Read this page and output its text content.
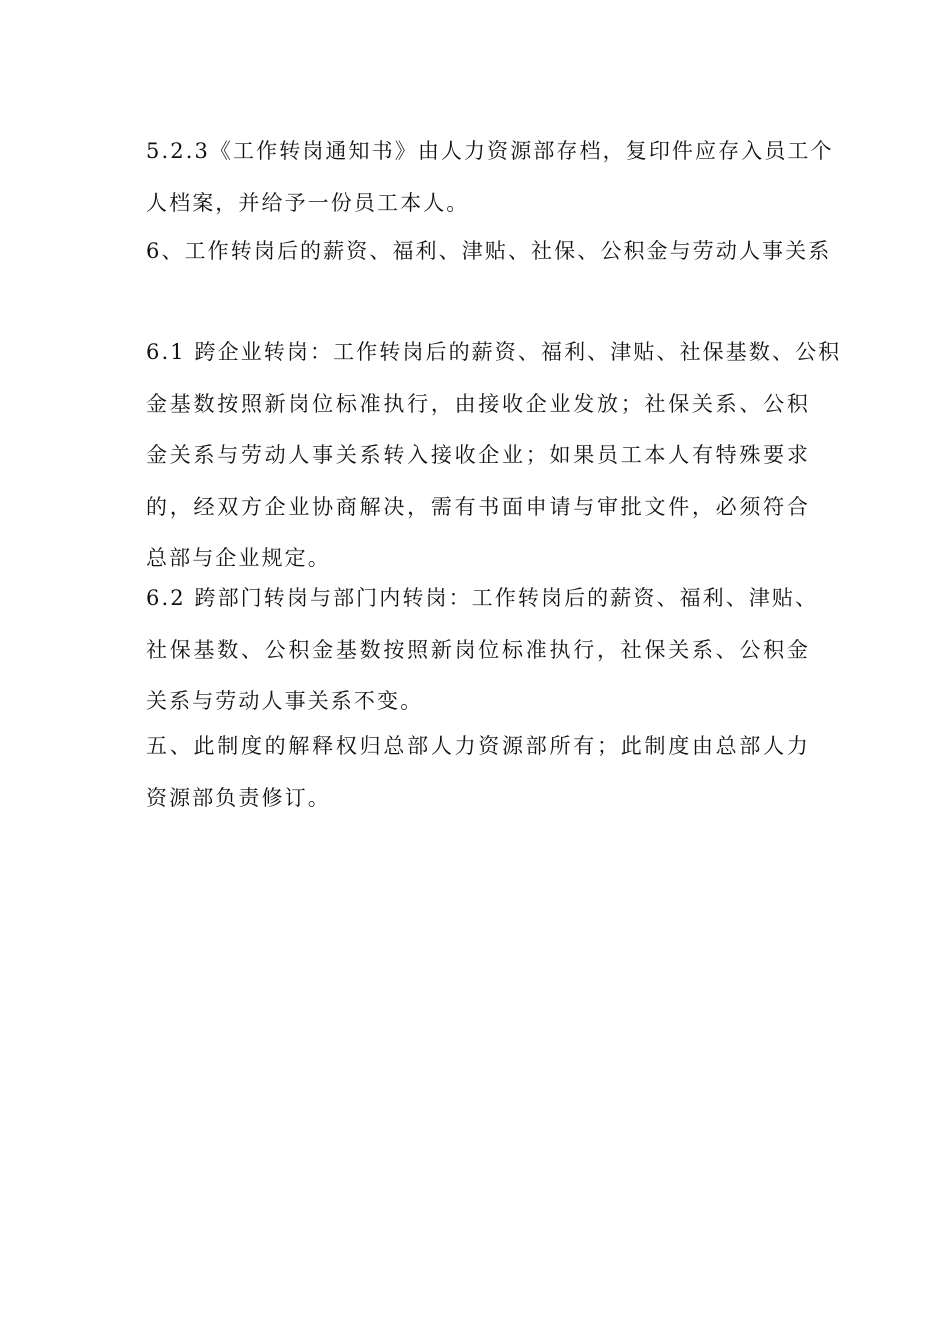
5.2.3《工作转岗通知书》由人力资源部存档，复印件应存入员工个
人档案，并给予一份员工本人。
6、工作转岗后的薪资、福利、津贴、社保、公积金与劳动人事关系
6.1 跨企业转岗：工作转岗后的薪资、福利、津贴、社保基数、公积
金基数按照新岗位标准执行，由接收企业发放；社保关系、公积
金关系与劳动人事关系转入接收企业；如果员工本人有特殊要求
的，经双方企业协商解决，需有书面申请与审批文件，必须符合
总部与企业规定。
6.2 跨部门转岗与部门内转岗：工作转岗后的薪资、福利、津贴、
社保基数、公积金基数按照新岗位标准执行，社保关系、公积金
关系与劳动人事关系不变。
五、此制度的解释权归总部人力资源部所有；此制度由总部人力
资源部负责修订。
